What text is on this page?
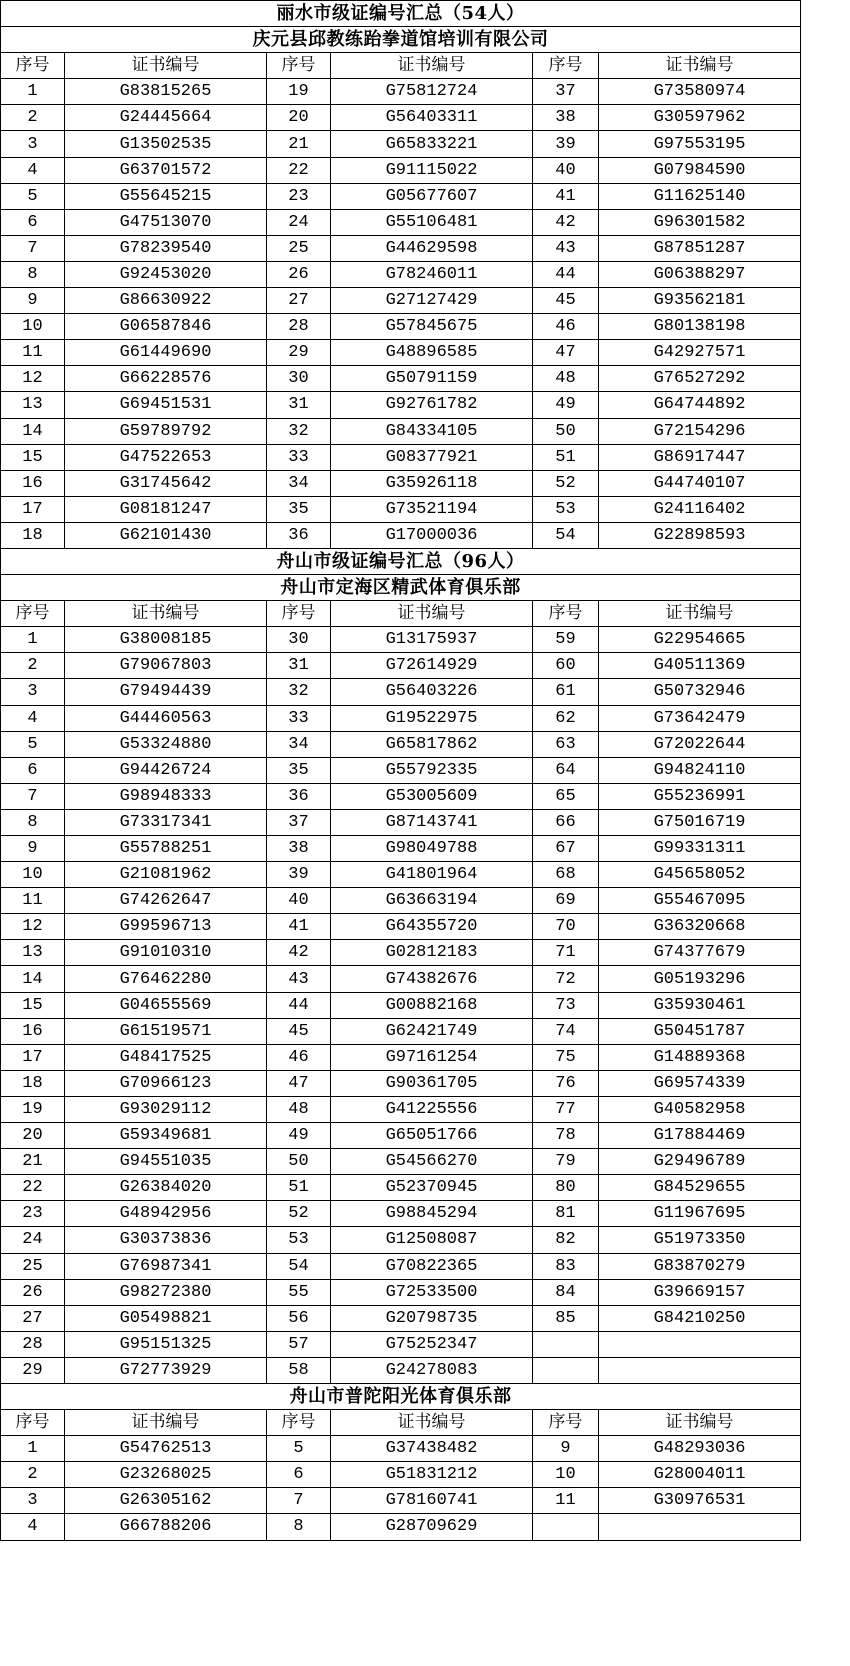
丽水市级证编号汇总（54人）					
庆元县邱教练跆拳道馆培训有限公司					
序号	证书编号	序号	证书编号	序号	证书编号
1	G83815265	19	G75812724	37	G73580974
2	G24445664	20	G56403311	38	G30597962
3	G13502535	21	G65833221	39	G97553195
4	G63701572	22	G91115022	40	G07984590
5	G55645215	23	G05677607	41	G11625140
6	G47513070	24	G55106481	42	G96301582
7	G78239540	25	G44629598	43	G87851287
8	G92453020	26	G78246011	44	G06388297
9	G86630922	27	G27127429	45	G93562181
10	G06587846	28	G57845675	46	G80138198
11	G61449690	29	G48896585	47	G42927571
12	G66228576	30	G50791159	48	G76527292
13	G69451531	31	G92761782	49	G64744892
14	G59789792	32	G84334105	50	G72154296
15	G47522653	33	G08377921	51	G86917447
16	G31745642	34	G35926118	52	G44740107
17	G08181247	35	G73521194	53	G24116402
18	G62101430	36	G17000036	54	G22898593
舟山市级证编号汇总（96人）					
舟山市定海区精武体育俱乐部					
序号	证书编号	序号	证书编号	序号	证书编号
1	G38008185	30	G13175937	59	G22954665
2	G79067803	31	G72614929	60	G40511369
3	G79494439	32	G56403226	61	G50732946
4	G44460563	33	G19522975	62	G73642479
5	G53324880	34	G65817862	63	G72022644
6	G94426724	35	G55792335	64	G94824110
7	G98948333	36	G53005609	65	G55236991
8	G73317341	37	G87143741	66	G75016719
9	G55788251	38	G98049788	67	G99331311
10	G21081962	39	G41801964	68	G45658052
11	G74262647	40	G63663194	69	G55467095
12	G99596713	41	G64355720	70	G36320668
13	G91010310	42	G02812183	71	G74377679
14	G76462280	43	G74382676	72	G05193296
15	G04655569	44	G00882168	73	G35930461
16	G61519571	45	G62421749	74	G50451787
17	G48417525	46	G97161254	75	G14889368
18	G70966123	47	G90361705	76	G69574339
19	G93029112	48	G41225556	77	G40582958
20	G59349681	49	G65051766	78	G17884469
21	G94551035	50	G54566270	79	G29496789
22	G26384020	51	G52370945	80	G84529655
23	G48942956	52	G98845294	81	G11967695
24	G30373836	53	G12508087	82	G51973350
25	G76987341	54	G70822365	83	G83870279
26	G98272380	55	G72533500	84	G39669157
27	G05498821	56	G20798735	85	G84210250
28	G95151325	57	G75252347		
29	G72773929	58	G24278083		
舟山市普陀阳光体育俱乐部					
序号	证书编号	序号	证书编号	序号	证书编号
1	G54762513	5	G37438482	9	G48293036
2	G23268025	6	G51831212	10	G28004011
3	G26305162	7	G78160741	11	G30976531
4	G66788206	8	G28709629		
